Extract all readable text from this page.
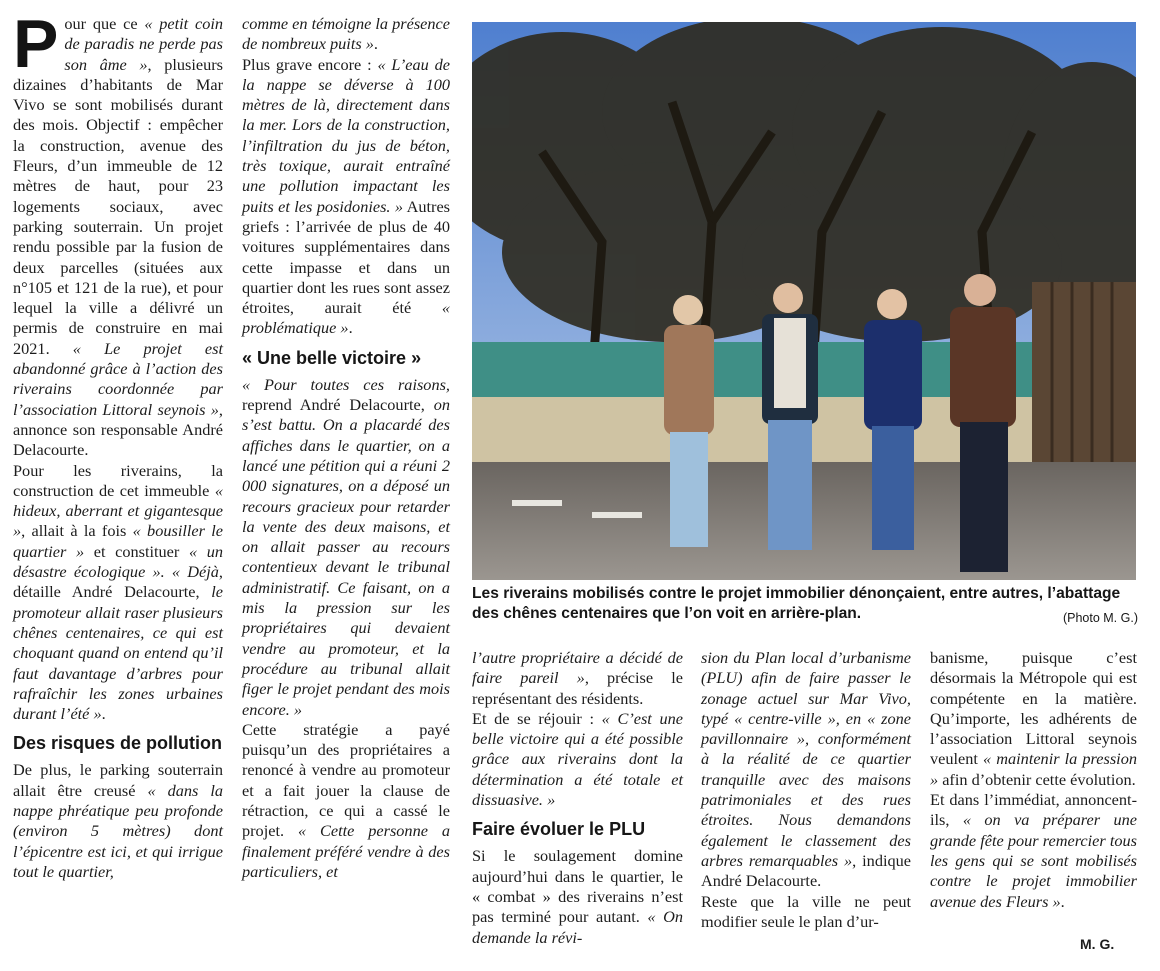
P our que ce « petit coin de paradis ne perde pas son âme », plusieurs dizaines d’habitants de Mar Vivo se sont mobilisés durant des mois. Objectif : empêcher la construction, avenue des Fleurs, d’un immeuble de 12 mètres de haut, pour 23 logements sociaux, avec parking souterrain. Un projet rendu possible par la fusion de deux parcelles (situées aux n°105 et 121 de la rue), et pour lequel la ville a délivré un permis de construire en mai 2021. « Le projet est abandonné grâce à l’action des riverains coordonnée par l’association Littoral seynois », annonce son responsable André Delacourte.
Pour les riverains, la construction de cet immeuble « hideux, aberrant et gigantesque », allait à la fois « bousiller le quartier » et constituer « un désastre écologique ». « Déjà, détaille André Delacourte, le promoteur allait raser plusieurs chênes centenaires, ce qui est choquant quand on entend qu’il faut davantage d’arbres pour rafraîchir les zones urbaines durant l’été ».
Des risques de pollution
De plus, le parking souterrain allait être creusé « dans la nappe phréatique peu profonde (environ 5 mètres) dont l’épicentre est ici, et qui irrigue tout le quartier,
comme en témoigne la présence de nombreux puits ».
Plus grave encore : « L’eau de la nappe se déverse à 100 mètres de là, directement dans la mer. Lors de la construction, l’infiltration du jus de béton, très toxique, aurait entraîné une pollution impactant les puits et les posidonies. » Autres griefs : l’arrivée de plus de 40 voitures supplémentaires dans cette impasse et dans un quartier dont les rues sont assez étroites, aurait été « problématique ».
« Une belle victoire »
« Pour toutes ces raisons, reprend André Delacourte, on s’est battu. On a placardé des affiches dans le quartier, on a lancé une pétition qui a réuni 2 000 signatures, on a déposé un recours gracieux pour retarder la vente des deux maisons, et on allait passer au recours contentieux devant le tribunal administratif. Ce faisant, on a mis la pression sur les propriétaires qui devaient vendre au promoteur, et la procédure au tribunal allait figer le projet pendant des mois encore. »
Cette stratégie a payé puisqu’un des propriétaires a renoncé à vendre au promoteur et a fait jouer la clause de rétraction, ce qui a cassé le projet. « Cette personne a finalement préféré vendre à des particuliers, et
Les riverains mobilisés contre le projet immobilier dénonçaient, entre autres, l’abattage des chênes centenaires que l’on voit en arrière-plan.	(Photo M. G.)
l’autre propriétaire a décidé de faire pareil », précise le représentant des résidents.
Et de se réjouir : « C’est une belle victoire qui a été possible grâce aux riverains dont la détermination a été totale et dissuasive. »
Faire évoluer le PLU
Si le soulagement domine aujourd’hui dans le quartier, le « combat » des riverains n’est pas terminé pour autant. « On demande la révi-
sion du Plan local d’urbanisme (PLU) afin de faire passer le zonage actuel sur Mar Vivo, typé « centre-ville », en « zone pavillonnaire », conformément à la réalité de ce quartier tranquille avec des maisons patrimoniales et des rues étroites. Nous demandons également le classement des arbres remarquables », indique André Delacourte.
Reste que la ville ne peut modifier seule le plan d’ur-
banisme, puisque c’est désormais la Métropole qui est compétente en la matière. Qu’importe, les adhérents de l’association Littoral seynois veulent « maintenir la pression » afin d’obtenir cette évolution.
Et dans l’immédiat, annoncent-ils, « on va préparer une grande fête pour remercier tous les gens qui se sont mobilisés contre le projet immobilier avenue des Fleurs ».
M. G.
